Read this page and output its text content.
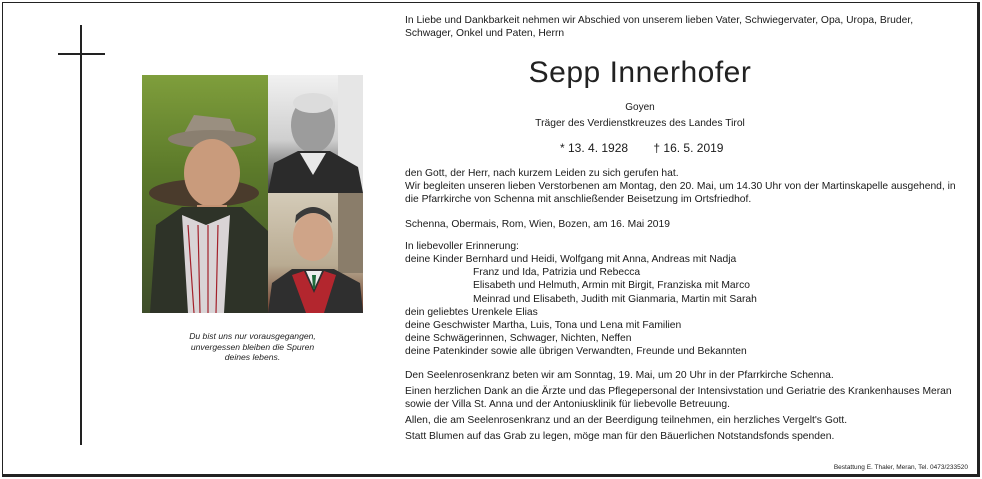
Du bist uns nur vorausgegangen,
unvergessen bleiben die Spuren
deines lebens.
In Liebe und Dankbarkeit nehmen wir Abschied von unserem lieben Vater, Schwiegervater, Opa, Uropa, Bruder, Schwager, Onkel und Paten, Herrn
Sepp Innerhofer
Goyen
Träger des Verdienstkreuzes des Landes Tirol
* 13. 4. 1928 † 16. 5. 2019

den Gott, der Herr, nach kurzem Leiden zu sich gerufen hat.

Wir begleiten unseren lieben Verstorbenen am Montag, den 20. Mai, um 14.30 Uhr von der Martinskapelle ausgehend, in die Pfarrkirche von Schenna mit anschließender Beisetzung im Ortsfriedhof.

Schenna, Obermais, Rom, Wien, Bozen, am 16. Mai 2019

In liebevoller Erinnerung:

deine Kinder Bernhard und Heidi, Wolfgang mit Anna, Andreas mit Nadja

Franz und Ida, Patrizia und Rebecca

Elisabeth und Helmuth, Armin mit Birgit, Franziska mit Marco

Meinrad und Elisabeth, Judith mit Gianmaria, Martin mit Sarah

dein geliebtes Urenkele Elias

deine Geschwister Martha, Luis, Tona und Lena mit Familien

deine Schwägerinnen, Schwager, Nichten, Neffen

deine Patenkinder sowie alle übrigen Verwandten, Freunde und Bekannten

Den Seelenrosenkranz beten wir am Sonntag, 19. Mai, um 20 Uhr in der Pfarrkirche Schenna.

Einen herzlichen Dank an die Ärzte und das Pflegepersonal der Intensivstation und Geriatrie des Krankenhauses Meran sowie der Villa St. Anna und der Antoniusklinik für liebevolle Betreuung.

Allen, die am Seelenrosenkranz und an der Beerdigung teilnehmen, ein herzliches Vergelt's Gott.

Statt Blumen auf das Grab zu legen, möge man für den Bäuerlichen Notstandsfonds spenden.

Bestattung E. Thaler, Meran, Tel. 0473/233520
